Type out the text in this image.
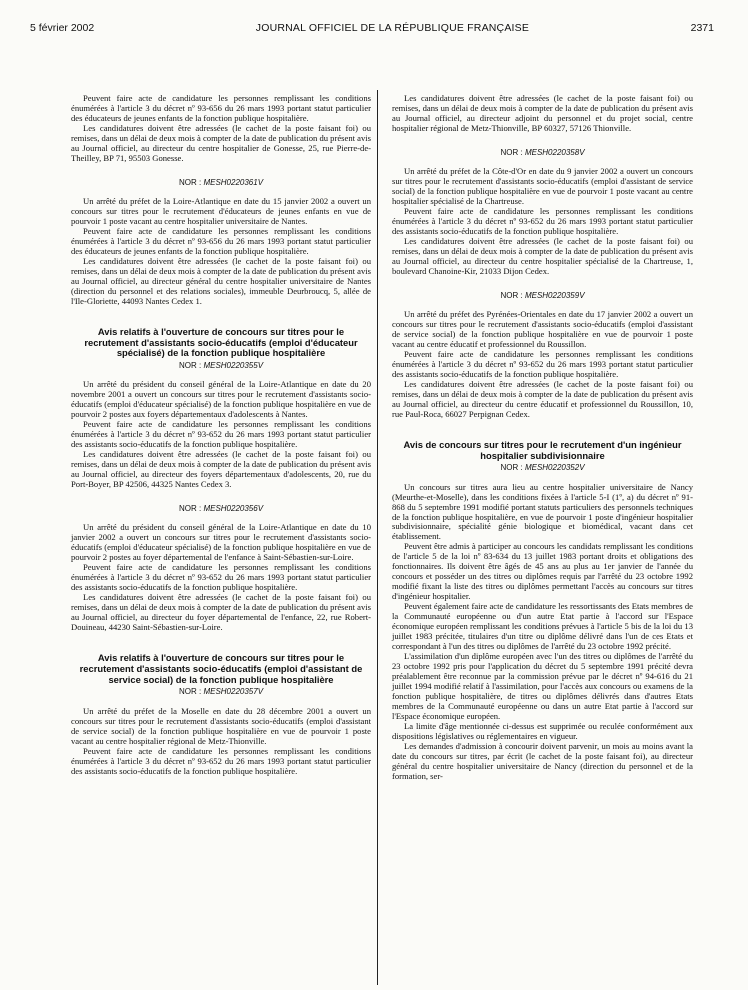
5 février 2002	JOURNAL OFFICIEL DE LA RÉPUBLIQUE FRANÇAISE	2371

Peuvent faire acte de candidature les personnes remplissant les conditions énumérées à l'article 3 du décret nº 93-656 du 26 mars 1993 portant statut particulier des éducateurs de jeunes enfants de la fonction publique hospitalière.

Les candidatures doivent être adressées (le cachet de la poste faisant foi) ou remises, dans un délai de deux mois à compter de la date de publication du présent avis au Journal officiel, au directeur du centre hospitalier de Gonesse, 25, rue Pierre-de-Theilley, BP 71, 95503 Gonesse.

NOR : MESH0220361V

Un arrêté du préfet de la Loire-Atlantique en date du 15 janvier 2002 a ouvert un concours sur titres pour le recrutement d'éducateurs de jeunes enfants en vue de pourvoir 1 poste vacant au centre hospitalier universitaire de Nantes.

Peuvent faire acte de candidature les personnes remplissant les conditions énumérées à l'article 3 du décret nº 93-656 du 26 mars 1993 portant statut particulier des éducateurs de jeunes enfants de la fonction publique hospitalière.

Les candidatures doivent être adressées (le cachet de la poste faisant foi) ou remises, dans un délai de deux mois à compter de la date de publication du présent avis au Journal officiel, au directeur général du centre hospitalier universitaire de Nantes (direction du personnel et des relations sociales), immeuble Deurbroucq, 5, allée de l'Ile-Gloriette, 44093 Nantes Cedex 1.

Avis relatifs à l'ouverture de concours sur titres pour le recrutement d'assistants socio-éducatifs (emploi d'éducateur spécialisé) de la fonction publique hospitalière
NOR : MESH0220355V

Un arrêté du président du conseil général de la Loire-Atlantique en date du 20 novembre 2001 a ouvert un concours sur titres pour le recrutement d'assistants socio-éducatifs (emploi d'éducateur spécialisé) de la fonction publique hospitalière en vue de pourvoir 2 postes aux foyers départementaux d'adolescents à Nantes.

Peuvent faire acte de candidature les personnes remplissant les conditions énumérées à l'article 3 du décret nº 93-652 du 26 mars 1993 portant statut particulier des assistants socio-éducatifs de la fonction publique hospitalière.

Les candidatures doivent être adressées (le cachet de la poste faisant foi) ou remises, dans un délai de deux mois à compter de la date de publication du présent avis au Journal officiel, au directeur des foyers départementaux d'adolescents, 20, rue du Port-Boyer, BP 42506, 44325 Nantes Cedex 3.

NOR : MESH0220356V

Un arrêté du président du conseil général de la Loire-Atlantique en date du 10 janvier 2002 a ouvert un concours sur titres pour le recrutement d'assistants socio-éducatifs (emploi d'éducateur spécialisé) de la fonction publique hospitalière en vue de pourvoir 2 postes au foyer départemental de l'enfance à Saint-Sébastien-sur-Loire.

Peuvent faire acte de candidature les personnes remplissant les conditions énumérées à l'article 3 du décret nº 93-652 du 26 mars 1993 portant statut particulier des assistants socio-éducatifs de la fonction publique hospitalière.

Les candidatures doivent être adressées (le cachet de la poste faisant foi) ou remises, dans un délai de deux mois à compter de la date de publication du présent avis au Journal officiel, au directeur du foyer départemental de l'enfance, 22, rue Robert-Douineau, 44230 Saint-Sébastien-sur-Loire.

Avis relatifs à l'ouverture de concours sur titres pour le recrutement d'assistants socio-éducatifs (emploi d'assistant de service social) de la fonction publique hospitalière
NOR : MESH0220357V

Un arrêté du préfet de la Moselle en date du 28 décembre 2001 a ouvert un concours sur titres pour le recrutement d'assistants socio-éducatifs (emploi d'assistant de service social) de la fonction publique hospitalière en vue de pourvoir 1 poste vacant au centre hospitalier régional de Metz-Thionville.

Peuvent faire acte de candidature les personnes remplissant les conditions énumérées à l'article 3 du décret nº 93-652 du 26 mars 1993 portant statut particulier des assistants socio-éducatifs de la fonction publique hospitalière.

Les candidatures doivent être adressées (le cachet de la poste faisant foi) ou remises, dans un délai de deux mois à compter de la date de publication du présent avis au Journal officiel, au directeur adjoint du personnel et du projet social, centre hospitalier régional de Metz-Thionville, BP 60327, 57126 Thionville.

NOR : MESH0220358V

Un arrêté du préfet de la Côte-d'Or en date du 9 janvier 2002 a ouvert un concours sur titres pour le recrutement d'assistants socio-éducatifs (emploi d'assistant de service social) de la fonction publique hospitalière en vue de pourvoir 1 poste vacant au centre hospitalier spécialisé de la Chartreuse.

Peuvent faire acte de candidature les personnes remplissant les conditions énumérées à l'article 3 du décret nº 93-652 du 26 mars 1993 portant statut particulier des assistants socio-éducatifs de la fonction publique hospitalière.

Les candidatures doivent être adressées (le cachet de la poste faisant foi) ou remises, dans un délai de deux mois à compter de la date de publication du présent avis au Journal officiel, au directeur du centre hospitalier spécialisé de la Chartreuse, 1, boulevard Chanoine-Kir, 21033 Dijon Cedex.

NOR : MESH0220359V

Un arrêté du préfet des Pyrénées-Orientales en date du 17 janvier 2002 a ouvert un concours sur titres pour le recrutement d'assistants socio-éducatifs (emploi d'assistant de service social) de la fonction publique hospitalière en vue de pourvoir 1 poste vacant au centre éducatif et professionnel du Roussillon.

Peuvent faire acte de candidature les personnes remplissant les conditions énumérées à l'article 3 du décret nº 93-652 du 26 mars 1993 portant statut particulier des assistants socio-éducatifs de la fonction publique hospitalière.

Les candidatures doivent être adressées (le cachet de la poste faisant foi) ou remises, dans un délai de deux mois à compter de la date de publication du présent avis au Journal officiel, au directeur du centre éducatif et professionnel du Roussillon, 10, rue Paul-Roca, 66027 Perpignan Cedex.

Avis de concours sur titres pour le recrutement d'un ingénieur hospitalier subdivisionnaire
NOR : MESH0220352V

Un concours sur titres aura lieu au centre hospitalier universitaire de Nancy (Meurthe-et-Moselle), dans les conditions fixées à l'article 5-I (1º, a) du décret nº 91-868 du 5 septembre 1991 modifié portant statuts particuliers des personnels techniques de la fonction publique hospitalière, en vue de pourvoir 1 poste d'ingénieur hospitalier subdivisionnaire, spécialité génie biologique et biomédical, vacant dans cet établissement.

Peuvent être admis à participer au concours les candidats remplissant les conditions de l'article 5 de la loi nº 83-634 du 13 juillet 1983 portant droits et obligations des fonctionnaires. Ils doivent être âgés de 45 ans au plus au 1er janvier de l'année du concours et posséder un des titres ou diplômes requis par l'arrêté du 23 octobre 1992 modifié fixant la liste des titres ou diplômes permettant l'accès au concours sur titres d'ingénieur hospitalier.

Peuvent également faire acte de candidature les ressortissants des Etats membres de la Communauté européenne ou d'un autre Etat partie à l'accord sur l'Espace économique européen remplissant les conditions prévues à l'article 5 bis de la loi du 13 juillet 1983 précitée, titulaires d'un titre ou diplôme délivré dans l'un de ces Etats et correspondant à l'un des titres ou diplômes de l'arrêté du 23 octobre 1992 précité.

L'assimilation d'un diplôme européen avec l'un des titres ou diplômes de l'arrêté du 23 octobre 1992 pris pour l'application du décret du 5 septembre 1991 précité devra préalablement être reconnue par la commission prévue par le décret nº 94-616 du 21 juillet 1994 modifié relatif à l'assimilation, pour l'accès aux concours ou examens de la fonction publique hospitalière, de titres ou diplômes délivrés dans d'autres Etats membres de la Communauté européenne ou dans un autre Etat partie à l'accord sur l'Espace économique européen.

La limite d'âge mentionnée ci-dessus est supprimée ou reculée conformément aux dispositions législatives ou réglementaires en vigueur.

Les demandes d'admission à concourir doivent parvenir, un mois au moins avant la date du concours sur titres, par écrit (le cachet de la poste faisant foi), au directeur général du centre hospitalier universitaire de Nancy (direction du personnel et de la formation, ser-
